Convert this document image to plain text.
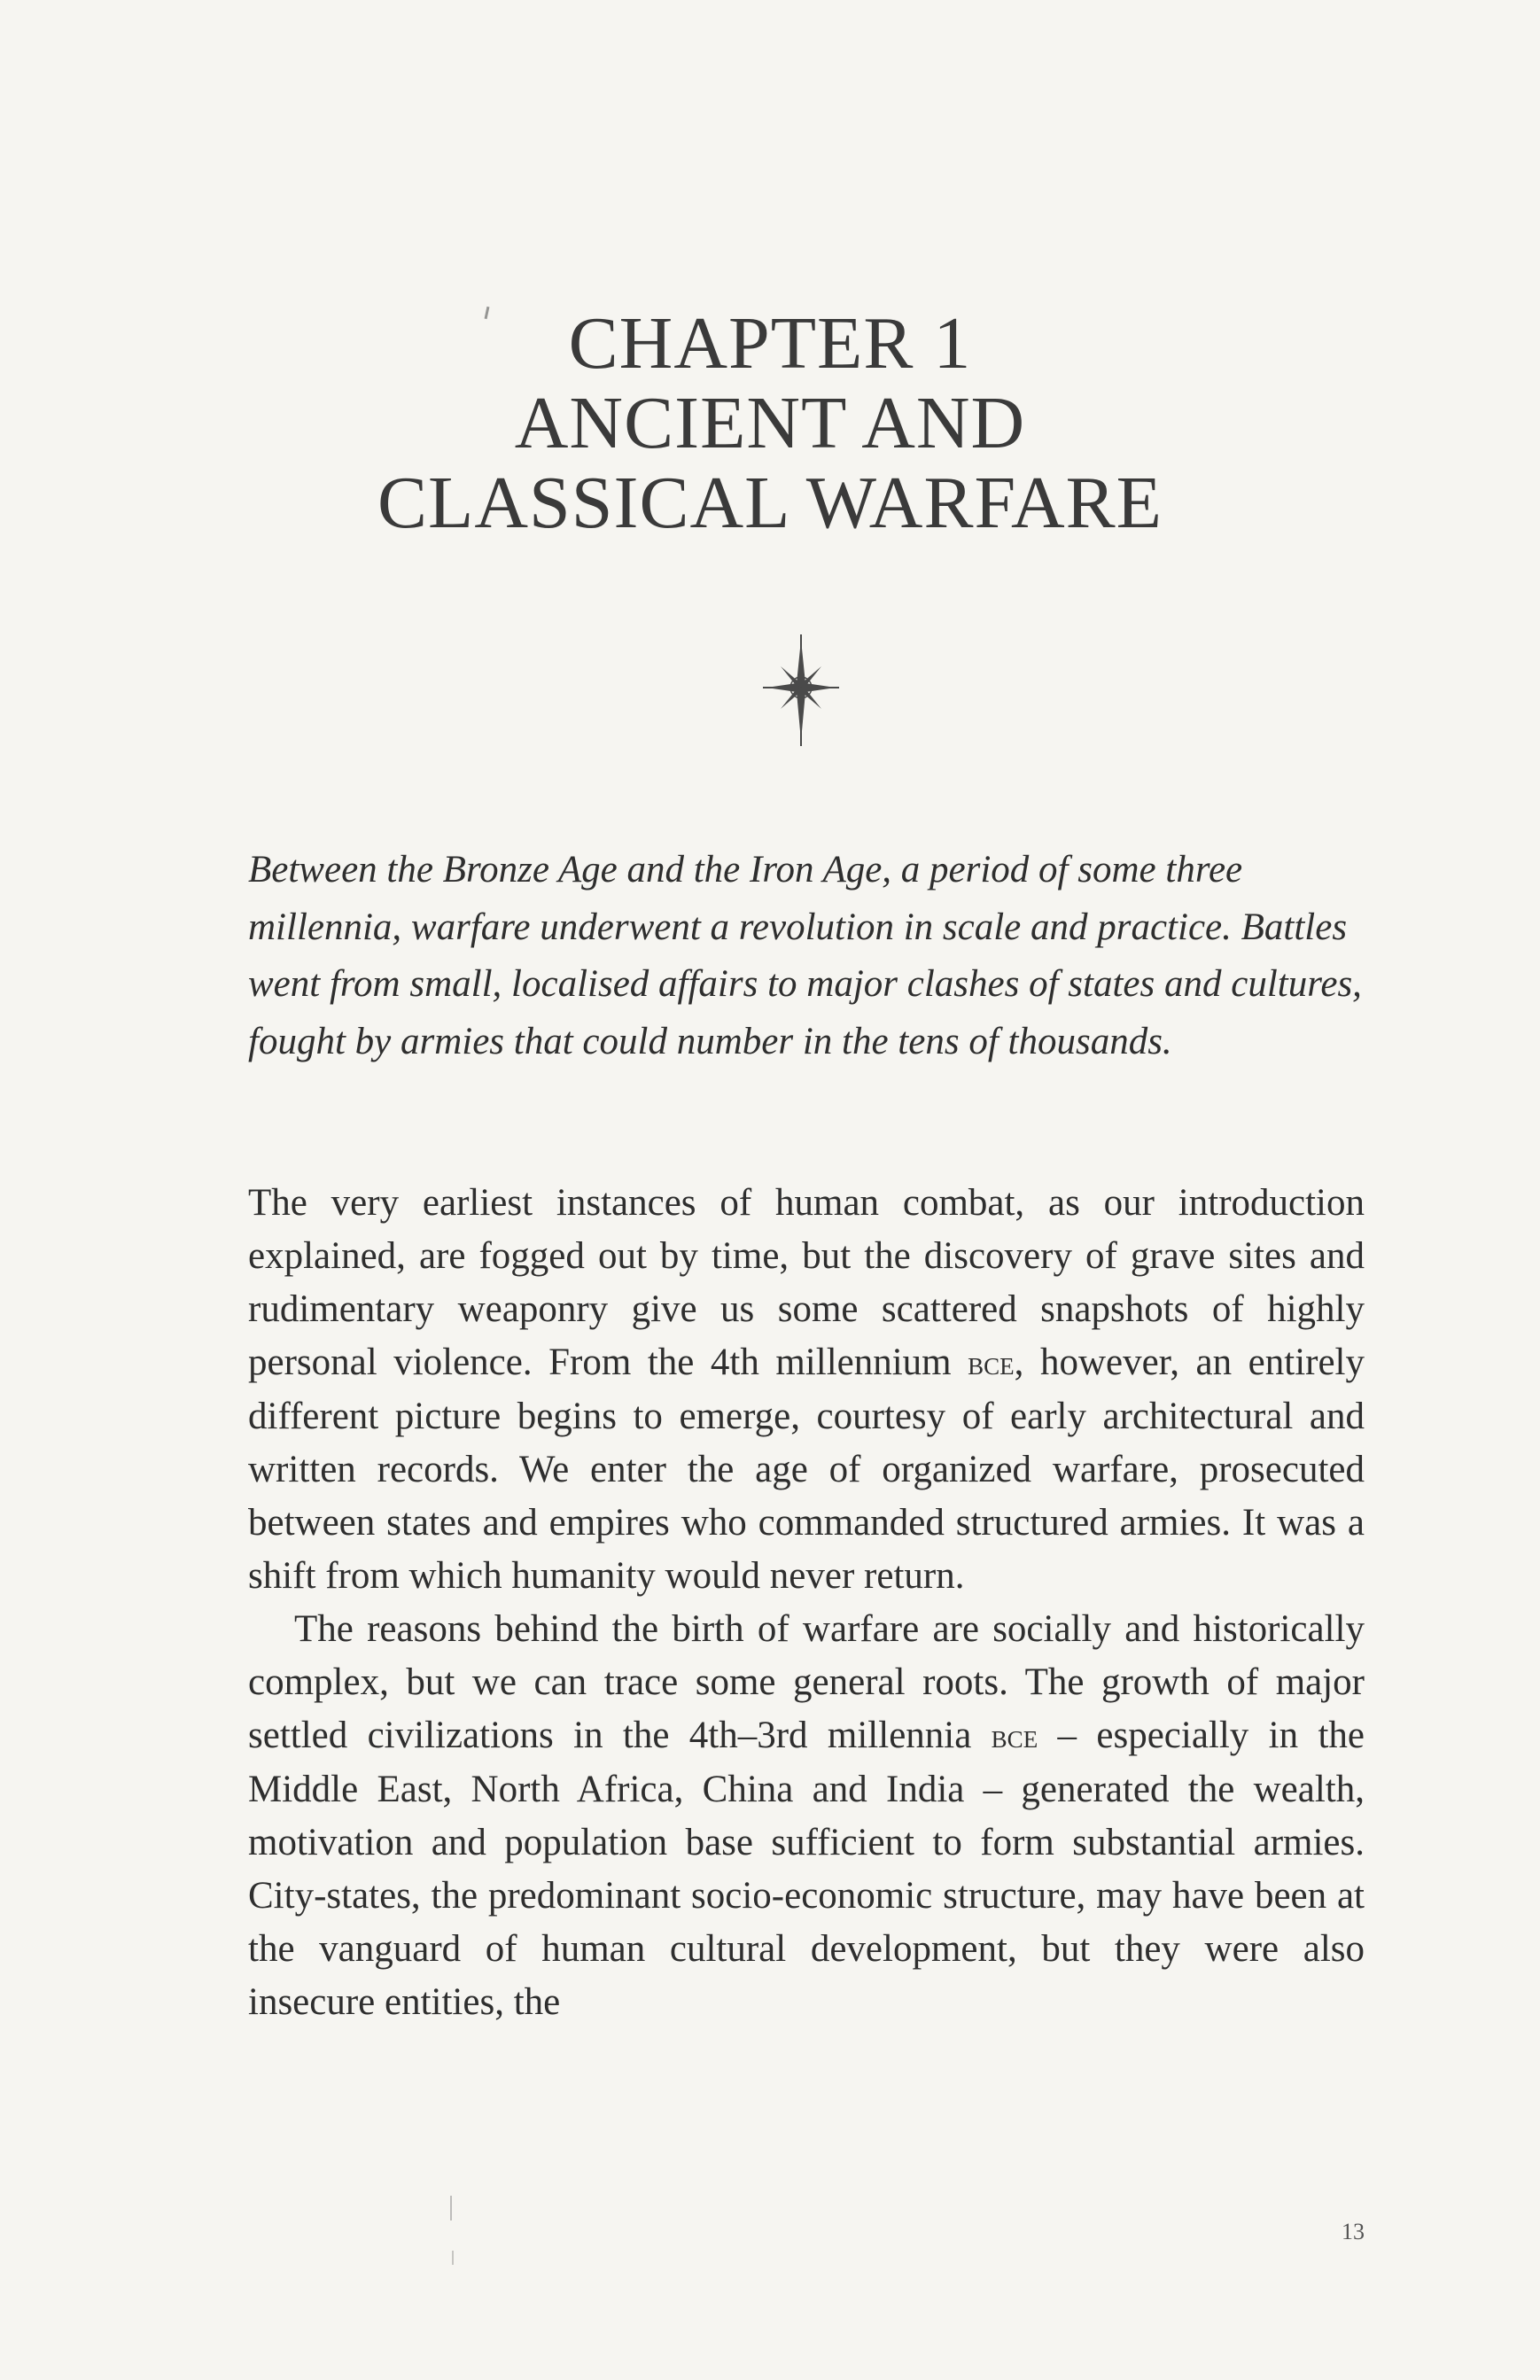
CHAPTER 1
ANCIENT AND
CLASSICAL WARFARE

Between the Bronze Age and the Iron Age, a period of some three millennia, warfare underwent a revolution in scale and practice. Battles went from small, localised affairs to major clashes of states and cultures, fought by armies that could number in the tens of thousands.

The very earliest instances of human combat, as our introduction explained, are fogged out by time, but the discovery of grave sites and rudimentary weaponry give us some scattered snapshots of highly personal violence. From the 4th millennium bce, however, an entirely different picture begins to emerge, courtesy of early architectural and written records. We enter the age of organized warfare, prosecuted between states and empires who commanded structured armies. It was a shift from which humanity would never return.

The reasons behind the birth of warfare are socially and historically complex, but we can trace some general roots. The growth of major settled civilizations in the 4th–3rd millennia bce – especially in the Middle East, North Africa, China and India – generated the wealth, motivation and population base sufficient to form substantial armies. City-states, the predominant socio-economic structure, may have been at the vanguard of human cultural development, but they were also insecure entities, the

13
